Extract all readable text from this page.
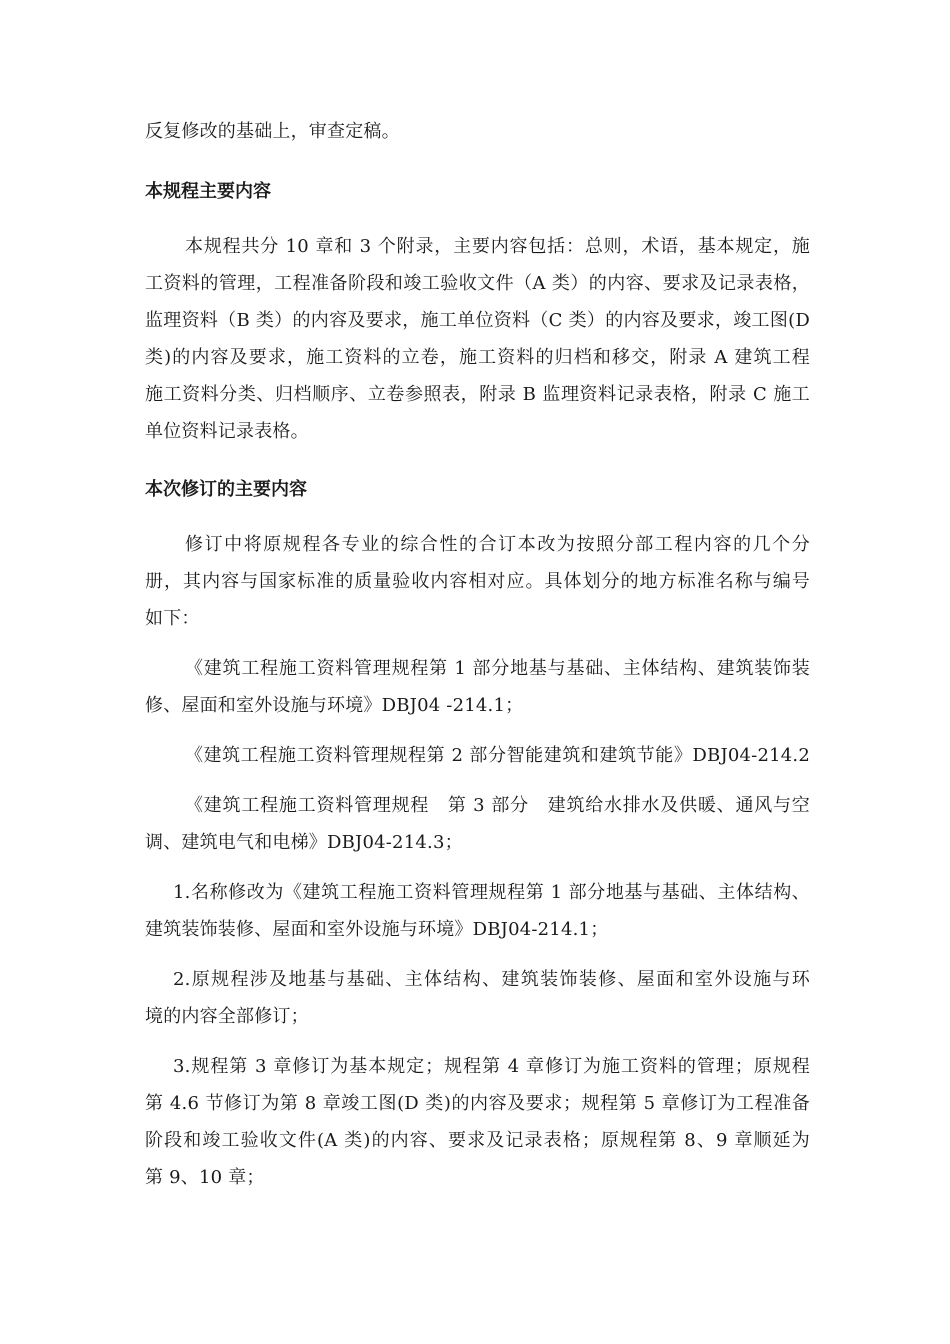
反复修改的基础上，审查定稿。
本规程主要内容
本规程共分 10 章和 3 个附录，主要内容包括：总则，术语，基本规定，施
工资料的管理，工程准备阶段和竣工验收文件（A 类）的内容、要求及记录表格，
监理资料（B 类）的内容及要求，施工单位资料（C 类）的内容及要求，竣工图(D
类)的内容及要求，施工资料的立卷，施工资料的归档和移交，附录 A 建筑工程
施工资料分类、归档顺序、立卷参照表，附录 B 监理资料记录表格，附录 C 施工
单位资料记录表格。
本次修订的主要内容
修订中将原规程各专业的综合性的合订本改为按照分部工程内容的几个分
册，其内容与国家标准的质量验收内容相对应。具体划分的地方标准名称与编号
如下：
《建筑工程施工资料管理规程第 1 部分地基与基础、主体结构、建筑装饰装
修、屋面和室外设施与环境》DBJ04 -214.1；
《建筑工程施工资料管理规程第 2 部分智能建筑和建筑节能》DBJ04-214.2
《建筑工程施工资料管理规程　第 3 部分　建筑给水排水及供暖、通风与空
调、建筑电气和电梯》DBJ04-214.3；
1.名称修改为《建筑工程施工资料管理规程第 1 部分地基与基础、主体结构、
建筑装饰装修、屋面和室外设施与环境》DBJ04-214.1；
2.原规程涉及地基与基础、主体结构、建筑装饰装修、屋面和室外设施与环
境的内容全部修订；
3.规程第 3 章修订为基本规定；规程第 4 章修订为施工资料的管理；原规程
第 4.6 节修订为第 8 章竣工图(D 类)的内容及要求；规程第 5 章修订为工程准备
阶段和竣工验收文件(A 类)的内容、要求及记录表格；原规程第 8、9 章顺延为
第 9、10 章；
